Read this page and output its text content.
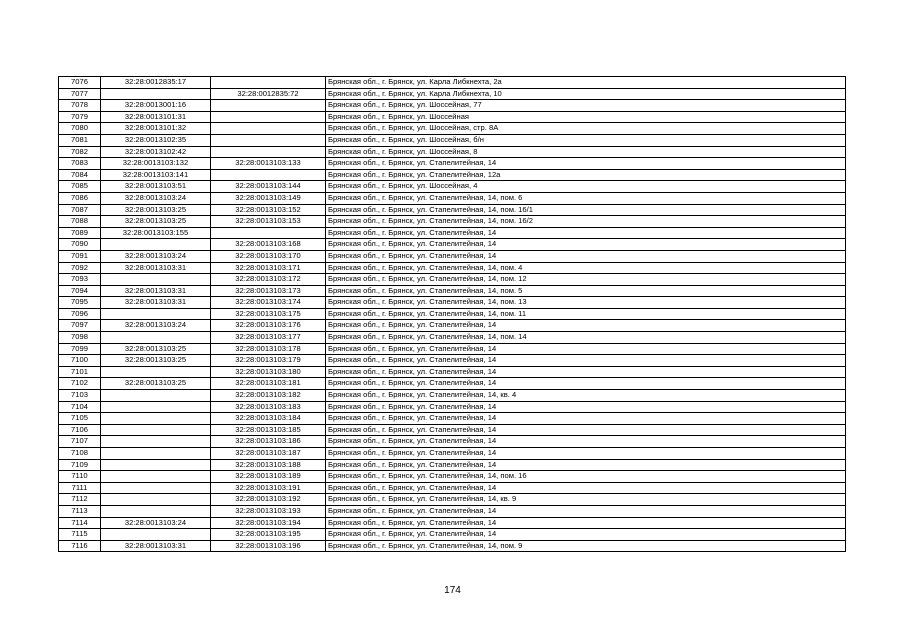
7076	32:28:0012835:17		Брянская обл., г. Брянск, ул. Карла Либкнехта, 2а
7077		32:28:0012835:72	Брянская обл., г. Брянск, ул. Карла Либкнехта, 10
7078	32:28:0013001:16		Брянская обл., г. Брянск, ул. Шоссейная, 77
7079	32:28:0013101:31		Брянская обл., г. Брянск, ул. Шоссейная
7080	32:28:0013101:32		Брянская обл., г. Брянск, ул. Шоссейная, стр. 8А
7081	32:28:0013102:35		Брянская обл., г. Брянск, ул. Шоссейная, б/н
7082	32:28:0013102:42		Брянская обл., г. Брянск, ул. Шоссейная, 8
7083	32:28:0013103:132	32:28:0013103:133	Брянская обл., г. Брянск, ул. Стапелитейная, 14
7084	32:28:0013103:141		Брянская обл., г. Брянск, ул. Стапелитейная, 12а
7085	32:28:0013103:51	32:28:0013103:144	Брянская обл., г. Брянск, ул. Шоссейная, 4
7086	32:28:0013103:24	32:28:0013103:149	Брянская обл., г. Брянск, ул. Стапелитейная, 14, пом. 6
7087	32:28:0013103:25	32:28:0013103:152	Брянская обл., г. Брянск, ул. Стапелитейная, 14, пом. 16/1
7088	32:28:0013103:25	32:28:0013103:153	Брянская обл., г. Брянск, ул. Стапелитейная, 14, пом. 16/2
7089	32:28:0013103:155		Брянская обл., г. Брянск, ул. Стапелитейная, 14
7090		32:28:0013103:168	Брянская обл., г. Брянск, ул. Стапелитейная, 14
7091	32:28:0013103:24	32:28:0013103:170	Брянская обл., г. Брянск, ул. Стапелитейная, 14
7092	32:28:0013103:31	32:28:0013103:171	Брянская обл., г. Брянск, ул. Стапелитейная, 14, пом. 4
7093		32:28:0013103:172	Брянская обл., г. Брянск, ул. Стапелитейная, 14, пом. 12
7094	32:28:0013103:31	32:28:0013103:173	Брянская обл., г. Брянск, ул. Стапелитейная, 14, пом. 5
7095	32:28:0013103:31	32:28:0013103:174	Брянская обл., г. Брянск, ул. Стапелитейная, 14, пом. 13
7096		32:28:0013103:175	Брянская обл., г. Брянск, ул. Стапелитейная, 14, пом. 11
7097	32:28:0013103:24	32:28:0013103:176	Брянская обл., г. Брянск, ул. Стапелитейная, 14
7098		32:28:0013103:177	Брянская обл., г. Брянск, ул. Стапелитейная, 14, пом. 14
7099	32:28:0013103:25	32:28:0013103:178	Брянская обл., г. Брянск, ул. Стапелитейная, 14
7100	32:28:0013103:25	32:28:0013103:179	Брянская обл., г. Брянск, ул. Стапелитейная, 14
7101		32:28:0013103:180	Брянская обл., г. Брянск, ул. Стапелитейная, 14
7102	32:28:0013103:25	32:28:0013103:181	Брянская обл., г. Брянск, ул. Стапелитейная, 14
7103		32:28:0013103:182	Брянская обл., г. Брянск, ул. Стапелитейная, 14, кв. 4
7104		32:28:0013103:183	Брянская обл., г. Брянск, ул. Стапелитейная, 14
7105		32:28:0013103:184	Брянская обл., г. Брянск, ул. Стапелитейная, 14
7106		32:28:0013103:185	Брянская обл., г. Брянск, ул. Стапелитейная, 14
7107		32:28:0013103:186	Брянская обл., г. Брянск, ул. Стапелитейная, 14
7108		32:28:0013103:187	Брянская обл., г. Брянск, ул. Стапелитейная, 14
7109		32:28:0013103:188	Брянская обл., г. Брянск, ул. Стапелитейная, 14
7110		32:28:0013103:189	Брянская обл., г. Брянск, ул. Стапелитейная, 14, пом. 16
7111		32:28:0013103:191	Брянская обл., г. Брянск, ул. Стапелитейная, 14
7112		32:28:0013103:192	Брянская обл., г. Брянск, ул. Стапелитейная, 14, кв. 9
7113		32:28:0013103:193	Брянская обл., г. Брянск, ул. Стапелитейная, 14
7114	32:28:0013103:24	32:28:0013103:194	Брянская обл., г. Брянск, ул. Стапелитейная, 14
7115		32:28:0013103:195	Брянская обл., г. Брянск, ул. Стапелитейная, 14
7116	32:28:0013103:31	32:28:0013103:196	Брянская обл., г. Брянск, ул. Стапелитейная, 14, пом. 9
174
